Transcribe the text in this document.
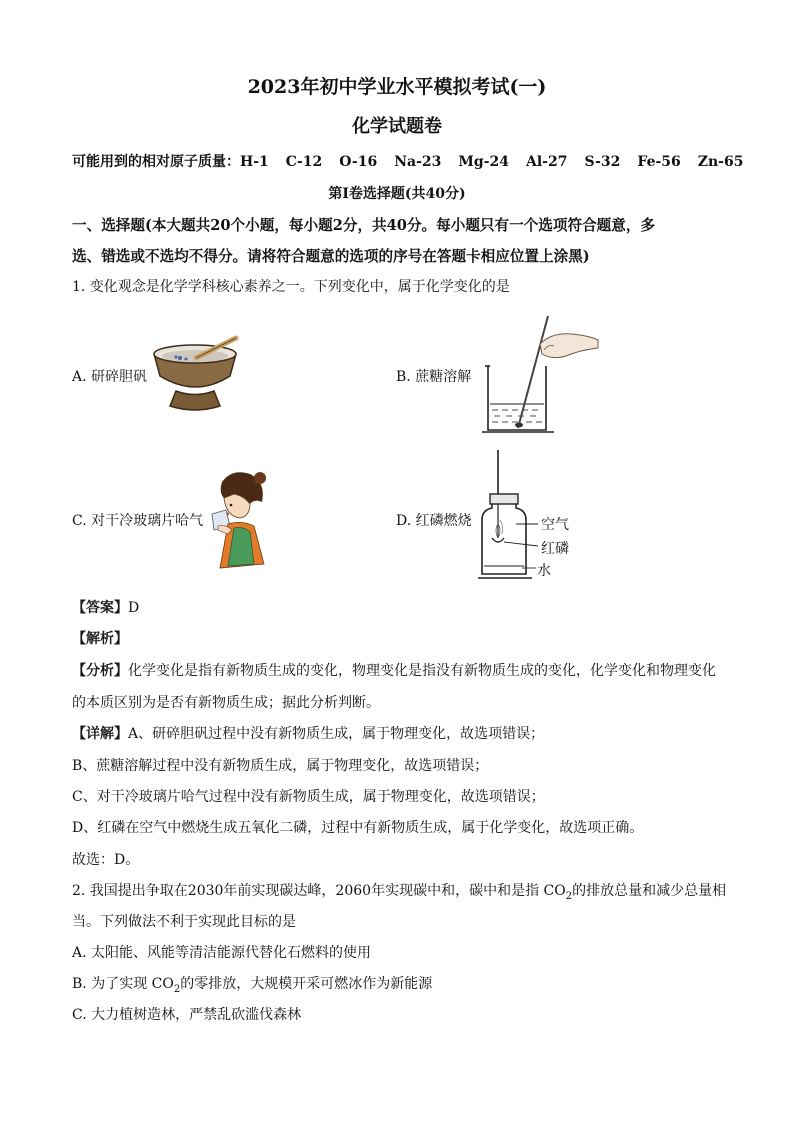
2023年初中学业水平模拟考试(一)
化学试题卷
可能用到的相对原子质量：H-1 C-12 O-16 Na-23 Mg-24 Al-27 S-32 Fe-56 Zn-65
第Ⅰ卷选择题(共40分)
一、选择题(本大题共20个小题，每小题2分，共40分。每小题只有一个选项符合题意，多
选、错选或不选均不得分。请将符合题意的选项的序号在答题卡相应位置上涂黑)
1. 变化观念是化学学科核心素养之一。下列变化中，属于化学变化的是
A. 研碎胆矾	B. 蔗糖溶解
C. 对干冷玻璃片哈气	D. 红磷燃烧	空气
红磷
水
【答案】D
【解析】
【分析】化学变化是指有新物质生成的变化，物理变化是指没有新物质生成的变化，化学变化和物理变化
的本质区别为是否有新物质生成；据此分析判断。
【详解】A、研碎胆矾过程中没有新物质生成，属于物理变化，故选项错误；
B、蔗糖溶解过程中没有新物质生成，属于物理变化，故选项错误；
C、对干冷玻璃片哈气过程中没有新物质生成，属于物理变化，故选项错误；
D、红磷在空气中燃烧生成五氧化二磷，过程中有新物质生成，属于化学变化，故选项正确。
故选：D。
2. 我国提出争取在2030年前实现碳达峰，2060年实现碳中和，碳中和是指 $CO_2$的排放总量和减少总量相
当。下列做法不利于实现此目标的是
A. 太阳能、风能等清洁能源代替化石燃料的使用
B. 为了实现 $CO_2$的零排放，大规模开采可燃冰作为新能源
C. 大力植树造林，严禁乱砍滥伐森林
